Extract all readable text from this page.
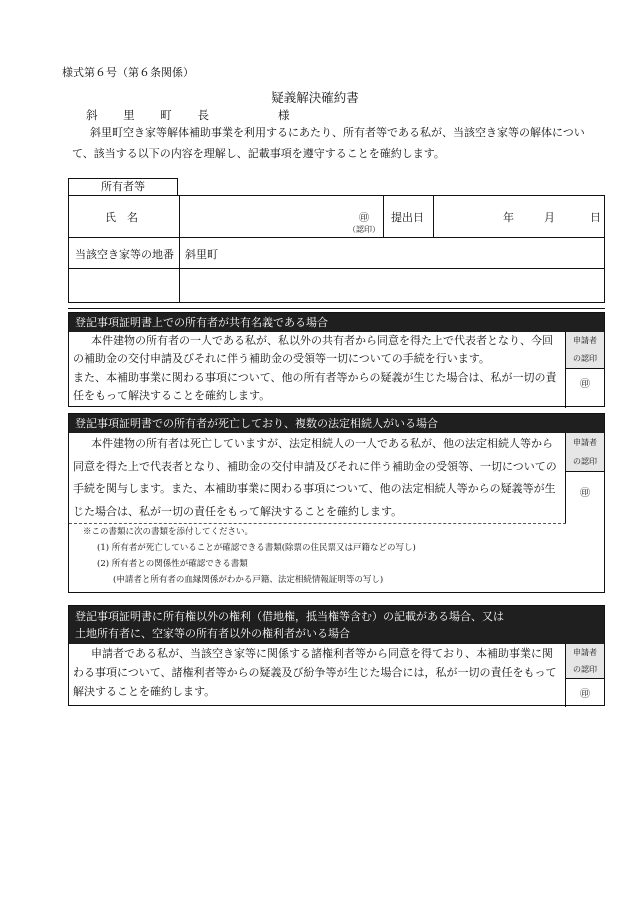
様式第６号（第６条関係）
疑義解決確約書
斜 里 町 長	様

斜里町空き家等解体補助事業を利用するにあたり、所有者等である私が、当該空き家等の解体について、該当する以下の内容を理解し、記載事項を遵守することを確約します。

所有者等
氏　名	㊞
（認印）
提出日	年	月	日
当該空き家等の地番 斜里町
登記事項証明書上での所有者が共有名義である場合

本件建物の所有者の一人である私が、私以外の共有者から同意を得た上で代表者となり、今回の補助金の交付申請及びそれに伴う補助金の受領等一切についての手続を行います。

また、本補助事業に関わる事項について、他の所有者等からの疑義が生じた場合は、私が一切の責任をもって解決することを確約します。

申請者
の認印
㊞
登記事項証明書での所有者が死亡しており、複数の法定相続人がいる場合

本件建物の所有者は死亡していますが、法定相続人の一人である私が、他の法定相続人等から同意を得た上で代表者となり、補助金の交付申請及びそれに伴う補助金の受領等、一切についての手続を関与します。また、本補助事業に関わる事項について、他の法定相続人等からの疑義等が生じた場合は、私が一切の責任をもって解決することを確約します。

※この書類に次の書類を添付してください。
(1) 所有者が死亡していることが確認できる書類(除票の住民票又は戸籍などの写し)
(2) 所有者との関係性が確認できる書類
(申請者と所有者の血縁関係がわかる戸籍、法定相続情報証明等の写し)
申請者
の認印
㊞
登記事項証明書に所有権以外の権利（借地権，抵当権等含む）の記載がある場合、又は
土地所有者に、空家等の所有者以外の権利者がいる場合

申請者である私が、当該空き家等に関係する諸権利者等から同意を得ており、本補助事業に関わる事項について、諸権利者等からの疑義及び紛争等が生じた場合には，私が一切の責任をもって解決することを確約します。

申請者
の認印
㊞
